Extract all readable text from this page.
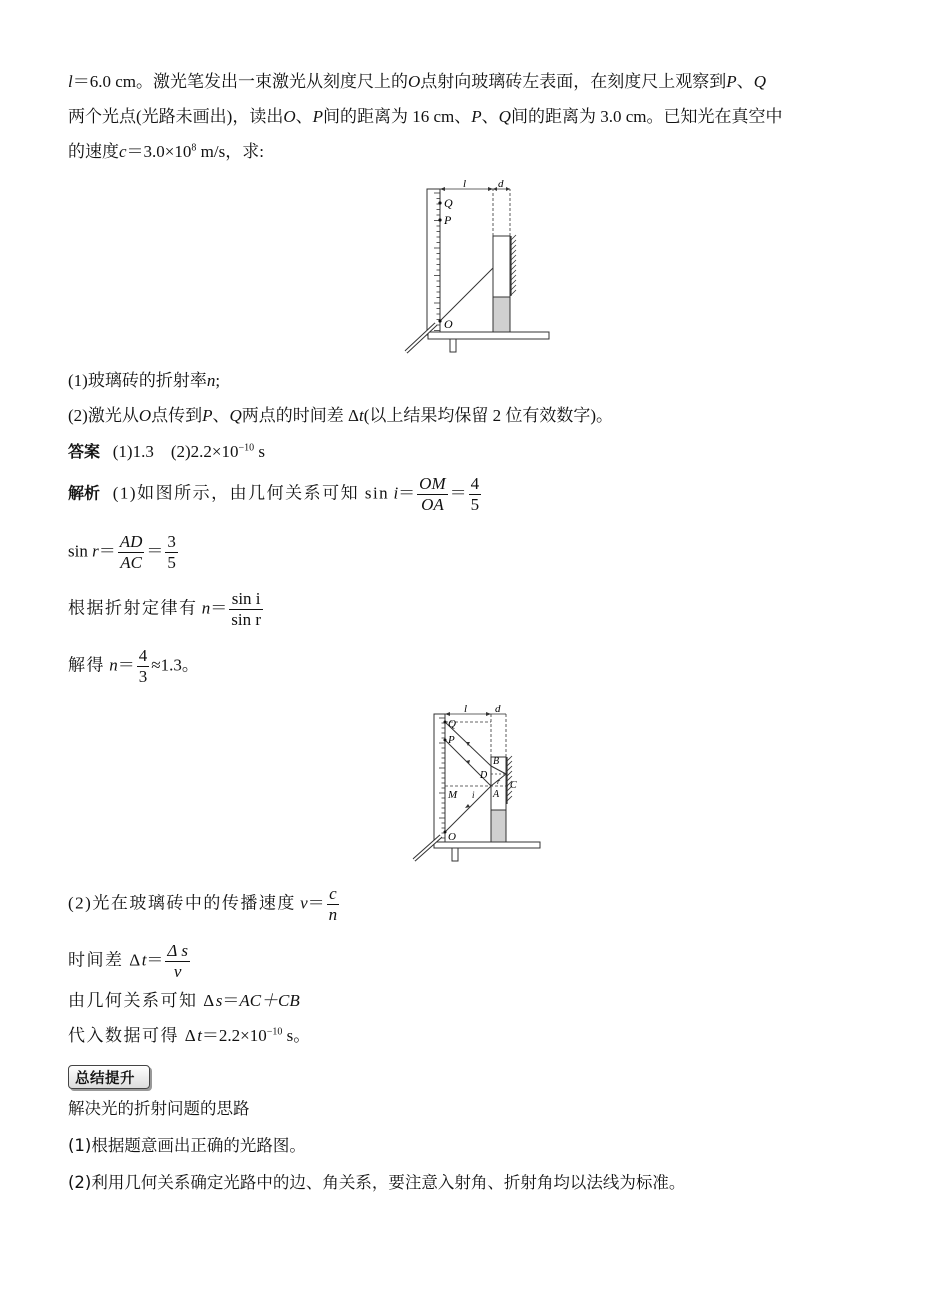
l＝6.0 cm。激光笔发出一束激光从刻度尺上的O点射向玻璃砖左表面，在刻度尺上观察到P、Q
两个光点(光路未画出)，读出O、P间的距离为 16 cm、P、Q间的距离为 3.0 cm。已知光在真空中
的速度$c=3.0\times 10^8$ m/s，求:
l	d
Q
P
O
(1)玻璃砖的折射率n;
(2)激光从O点传到P、Q两点的时间差 Δt(以上结果均保留 2 位有效数字)。
答案 (1)1.3　$(2)2.2\times 10^{-10}$ s
解析 (1)如图所示，由几何关系可知 $\sin i= \frac{OM}{OA} = \frac{4}{5}$
$\sin r= \frac{AD}{AC} = \frac{3}{5}$
根据折射定律有 $n= \frac{\text{sin i}}{\text{sin r}}$
解得 $n= \frac{4}{3} \approx 1.3$。
l	d
Q
P
M
O
B
D
A
C
i
r
(2)光在玻璃砖中的传播速度 $v= \frac{c}{n}$
时间差 $\Delta t= \frac{\text{Δ s}}{v}$
由几何关系可知 Δs＝AC＋CB
代入数据可得 $\Delta t=2.2\times 10^{-10}$ s。
总结提升
解决光的折射问题的思路
(1)根据题意画出正确的光路图。
(2)利用几何关系确定光路中的边、角关系，要注意入射角、折射角均以法线为标准。
